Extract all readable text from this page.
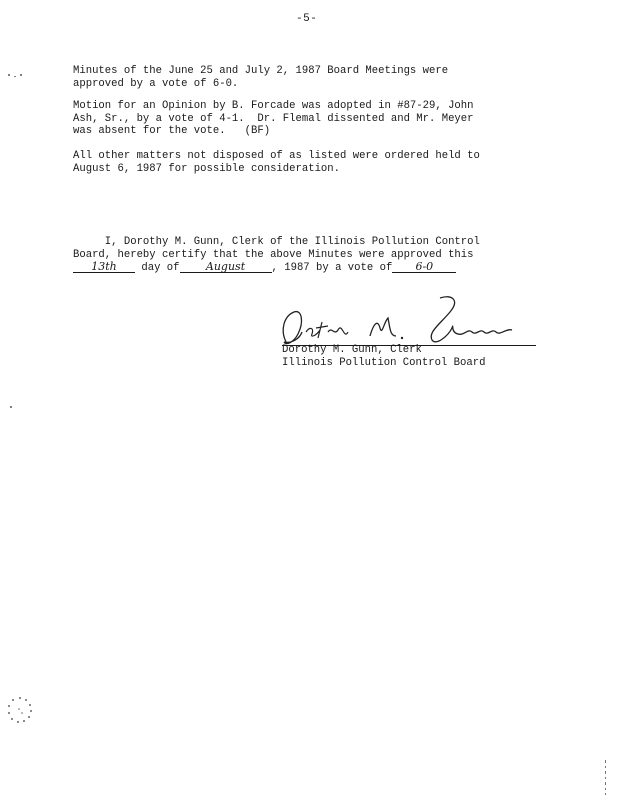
-5-
Minutes of the June 25 and July 2, 1987 Board Meetings were
approved by a vote of 6-0.
Motion for an Opinion by B. Forcade was adopted in #87-29, John
Ash, Sr., by a vote of 4-1.  Dr. Flemal dissented and Mr. Meyer
was absent for the vote.   (BF)
All other matters not disposed of as listed were ordered held to
August 6, 1987 for possible consideration.
I, Dorothy M. Gunn, Clerk of the Illinois Pollution Control
Board, hereby certify that the above Minutes were approved this
13th day of August , 1987 by a vote of 6-0
Dorothy M. Gunn, Clerk
Illinois Pollution Control Board
